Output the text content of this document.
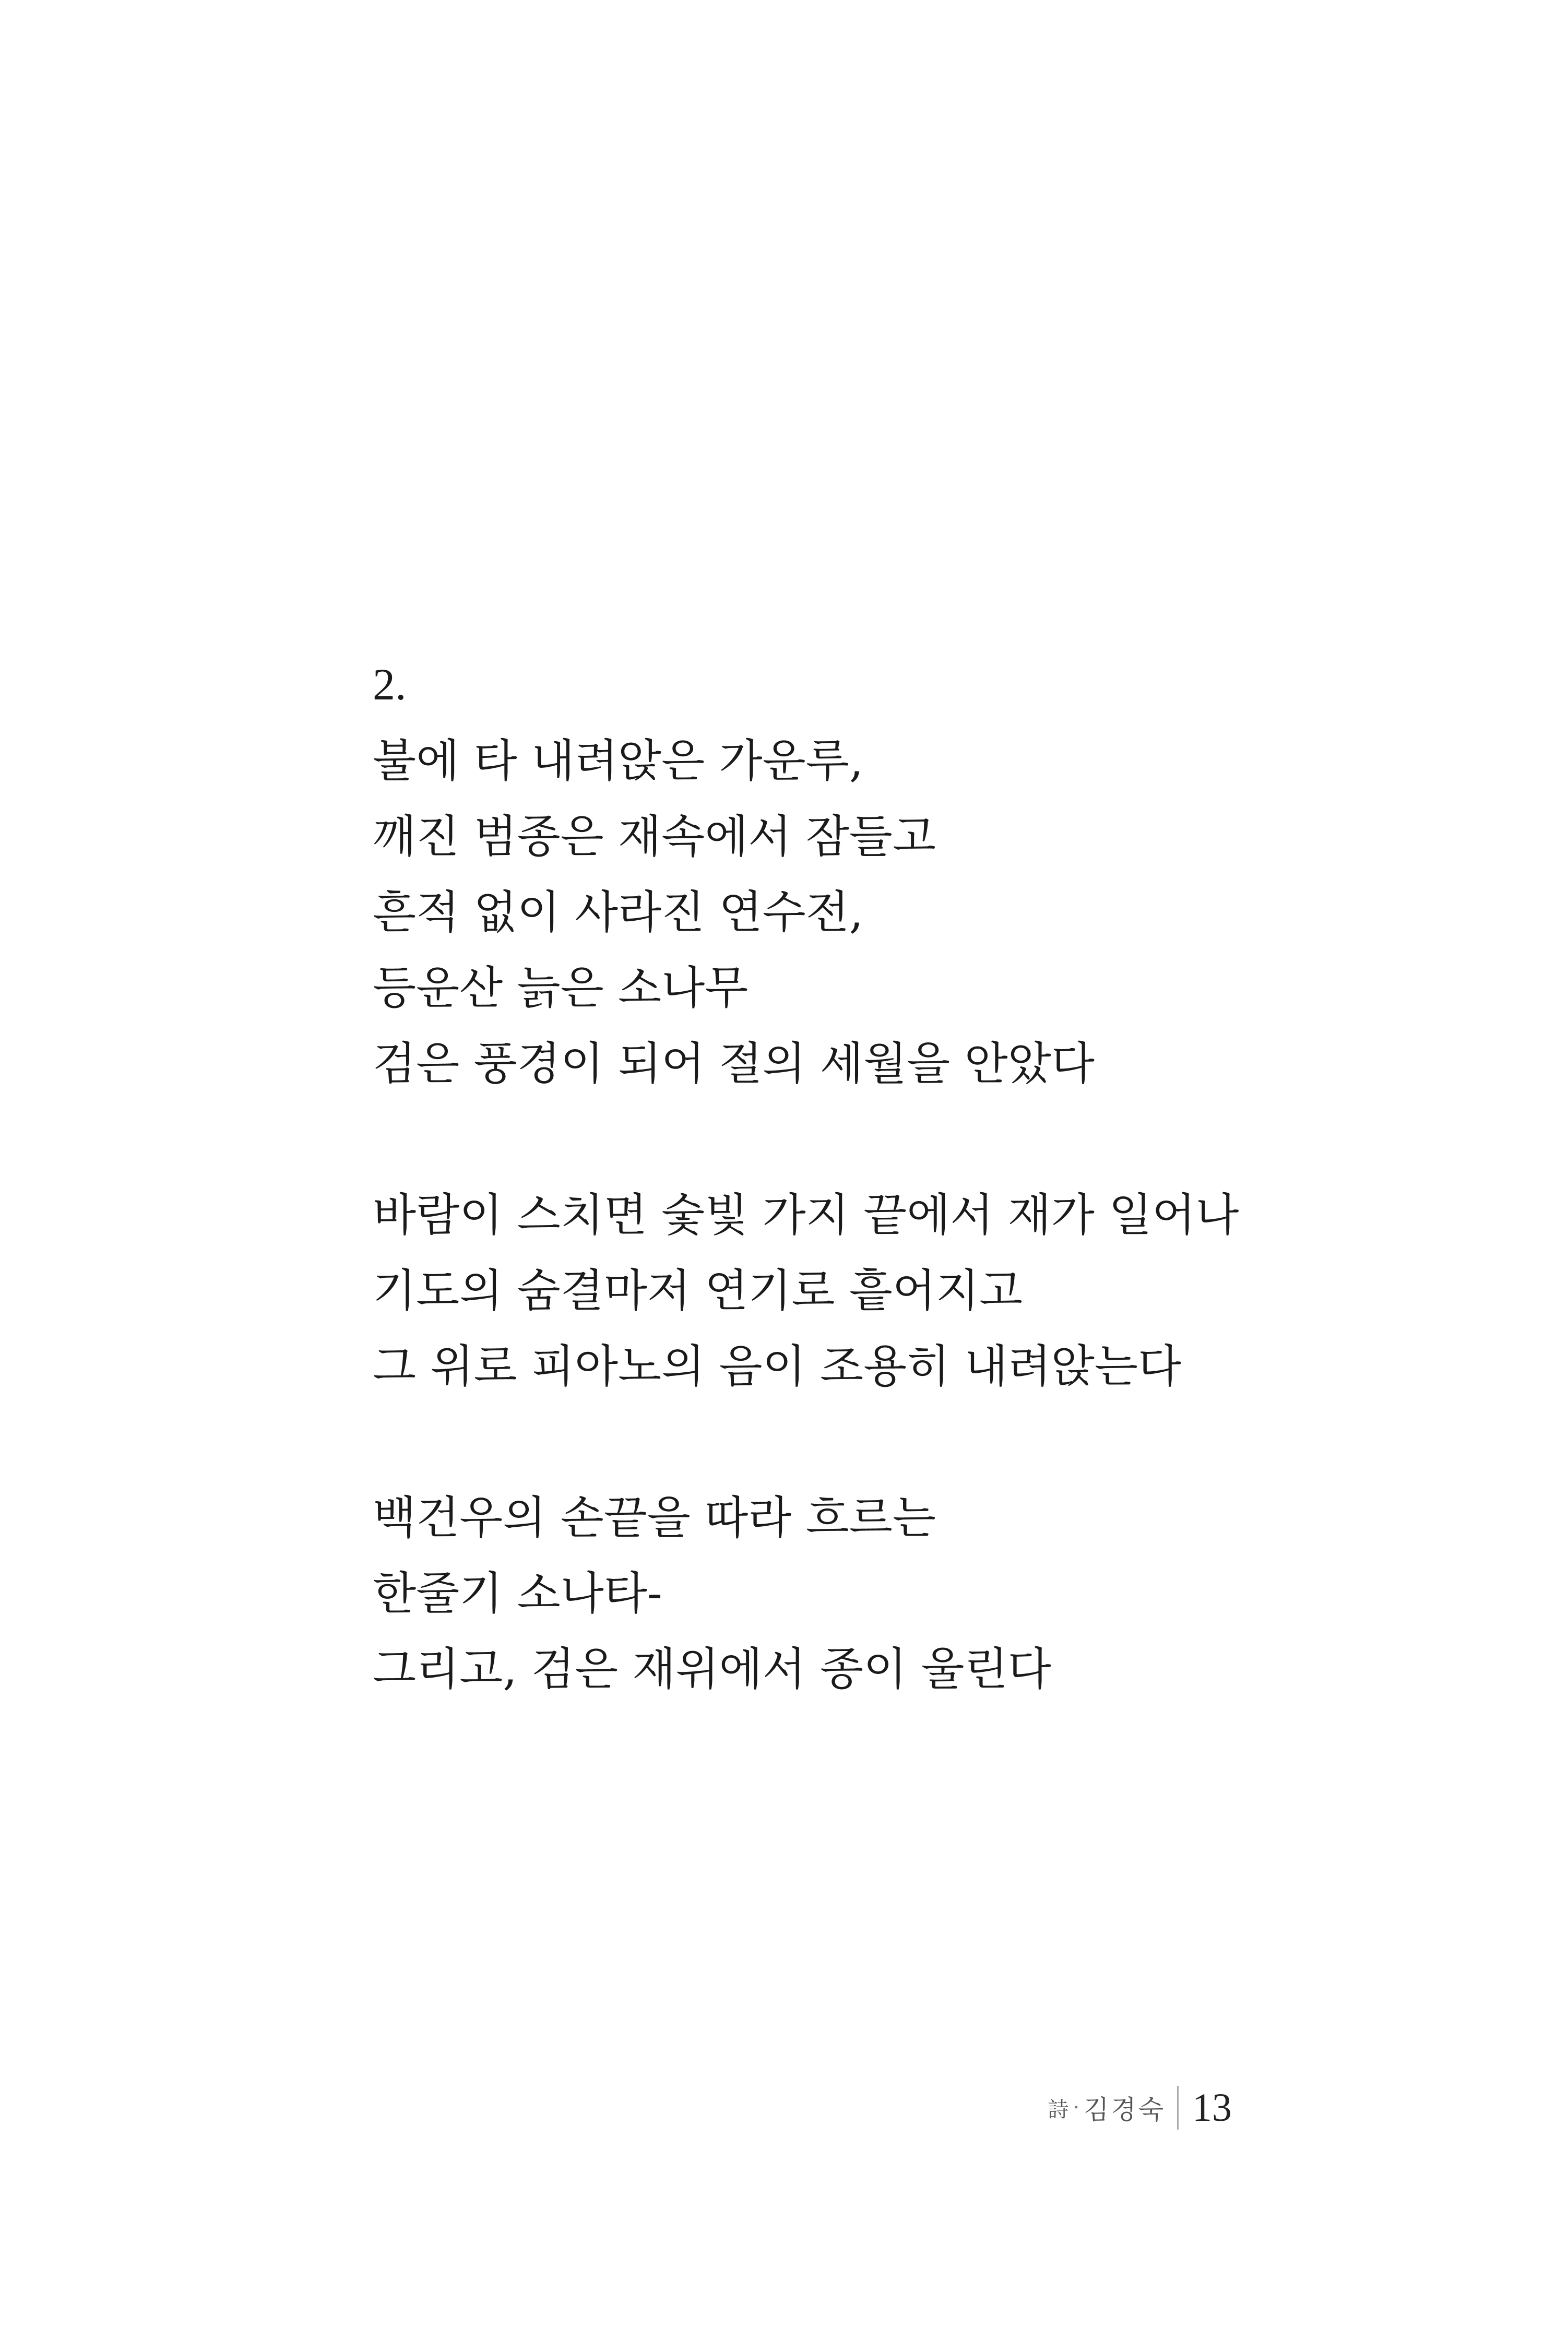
2.
불에 타 내려앉은 가운루,
깨진 범종은 재속에서 잠들고
흔적 없이 사라진 연수전,
등운산 늙은 소나무
검은 풍경이 되어 절의 세월을 안았다
바람이 스치면 숯빛 가지 끝에서 재가 일어나
기도의 숨결마저 연기로 흩어지고
그 위로 피아노의 음이 조용히 내려앉는다
백건우의 손끝을 따라 흐르는
한줄기 소나타-
그리고, 검은 재위에서 종이 울린다
詩 · 김경숙 13
